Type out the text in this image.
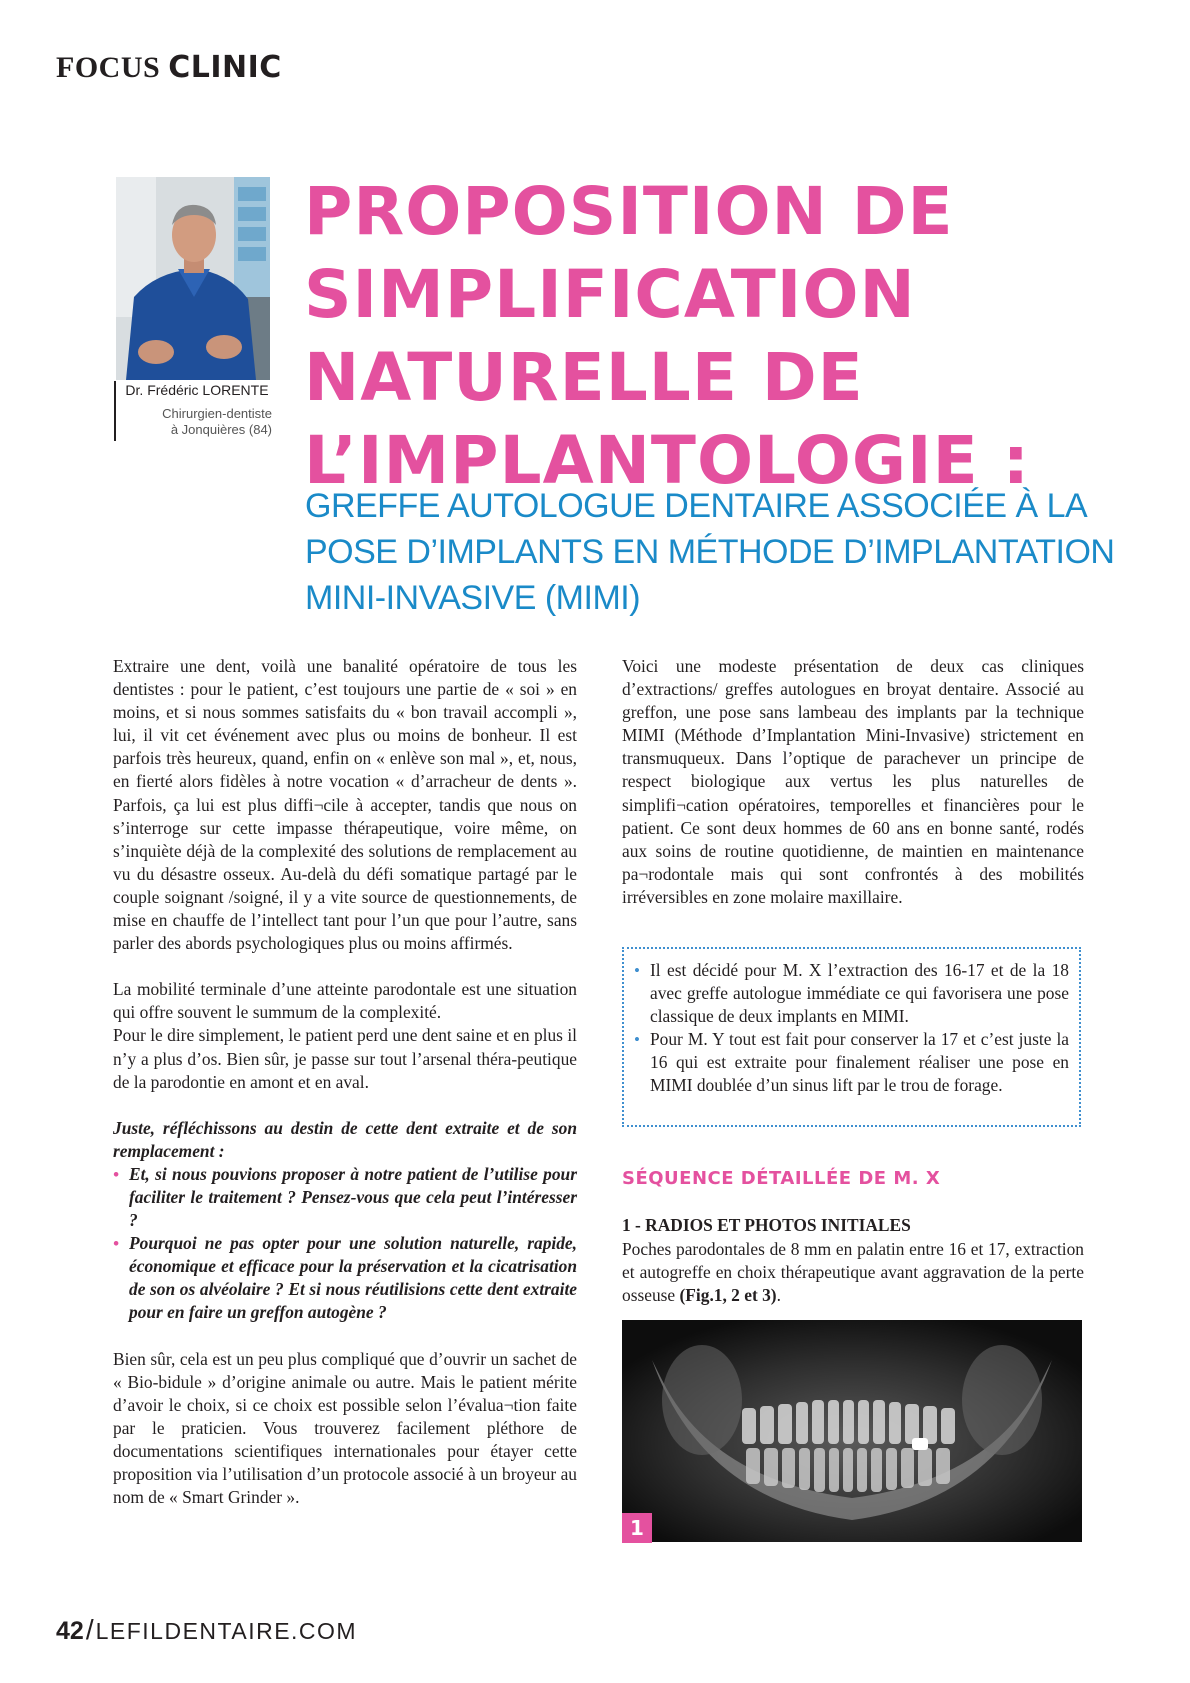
FOCUS CLINIC
Dr. Frédéric LORENTE
Chirurgien-dentiste
à Jonquières (84)
PROPOSITION DE SIMPLIFICATION NATURELLE DE L’IMPLANTOLOGIE :
GREFFE AUTOLOGUE DENTAIRE ASSOCIÉE À LA POSE D’IMPLANTS EN MÉTHODE D’IMPLANTATION MINI-INVASIVE (MIMI)

Extraire une dent, voilà une banalité opératoire de tous les dentistes : pour le patient, c’est toujours une partie de « soi » en moins, et si nous sommes satisfaits du « bon travail accompli », lui, il vit cet événement avec plus ou moins de bonheur. Il est parfois très heureux, quand, enfin on « enlève son mal », et, nous, en fierté alors fidèles à notre vocation « d’arracheur de dents ». Parfois, ça lui est plus diffi¬cile à accepter, tandis que nous on s’interroge sur cette impasse thérapeutique, voire même, on s’inquiète déjà de la complexité des solutions de remplacement au vu du désastre osseux. Au-delà du défi somatique partagé par le couple soignant /soigné, il y a vite source de questionnements, de mise en chauffe de l’intellect tant pour l’un que pour l’autre, sans parler des abords psychologiques plus ou moins affirmés.

La mobilité terminale d’une atteinte parodontale est une situation qui offre souvent le summum de la complexité.

Pour le dire simplement, le patient perd une dent saine et en plus il n’y a plus d’os. Bien sûr, je passe sur tout l’arsenal théra-peutique de la parodontie en amont et en aval.

Juste, réfléchissons au destin de cette dent extraite et de son remplacement :

• Et, si nous pouvions proposer à notre patient de l’utilise pour faciliter le traitement ? Pensez-vous que cela peut l’intéresser ?
• Pourquoi ne pas opter pour une solution naturelle, rapide, économique et efficace pour la préservation et la cicatrisation de son os alvéolaire ? Et si nous réutilisions cette dent extraite pour en faire un greffon autogène ?

Bien sûr, cela est un peu plus compliqué que d’ouvrir un sachet de « Bio-bidule » d’origine animale ou autre. Mais le patient mérite d’avoir le choix, si ce choix est possible selon l’évalua¬tion faite par le praticien. Vous trouverez facilement pléthore de documentations scientifiques internationales pour étayer cette proposition via l’utilisation d’un protocole associé à un broyeur au nom de « Smart Grinder ».

Voici une modeste présentation de deux cas cliniques d’extractions/ greffes autologues en broyat dentaire. Associé au greffon, une pose sans lambeau des implants par la technique MIMI (Méthode d’Implantation Mini-Invasive) strictement en transmuqueux. Dans l’optique de parachever un principe de respect biologique aux vertus les plus naturelles de simplifi¬cation opératoires, temporelles et financières pour le patient. Ce sont deux hommes de 60 ans en bonne santé, rodés aux soins de routine quotidienne, de maintien en maintenance pa¬rodontale mais qui sont confrontés à des mobilités irréversibles en zone molaire maxillaire.

• Il est décidé pour M. X l’extraction des 16-17 et de la 18 avec greffe autologue immédiate ce qui favorisera une pose classique de deux implants en MIMI.
• Pour M. Y tout est fait pour conserver la 17 et c’est juste la 16 qui est extraite pour finalement réaliser une pose en MIMI doublée d’un sinus lift par le trou de forage.
SÉQUENCE DÉTAILLÉE DE M. X
1 - RADIOS ET PHOTOS INITIALES
Poches parodontales de 8 mm en palatin entre 16 et 17, extraction et autogreffe en choix thérapeutique avant aggravation de la perte osseuse (Fig.1, 2 et 3).
1
42/LEFILDENTAIRE.COM
